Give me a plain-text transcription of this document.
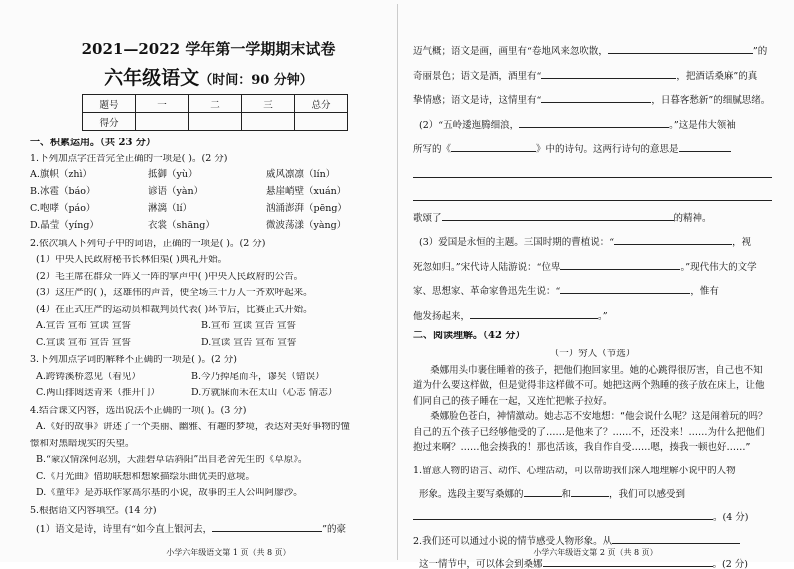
2021—2022 学年第一学期期末试卷
六年级语文（时间：90 分钟）
题号	一	二	三	总分
得分				
一、积累运用。（共 23 分）
1.下列加点字注音完全正确的一项是( )。(2 分)
A.旗帜（zhì）	抵御（yù）	威风凛凛（lín）
B.冰雹（báo）	谚语（yàn）	悬崖峭壁（xuán）
C.咆哮（páo）	淋漓（lí）	汹涌澎湃（pēng）
D.晶莹（yíng）	衣裳（shāng）	微波荡漾（yàng）
2.依次填入下列句子中的词语，正确的一项是( )。(2 分)
(1）中央人民政府秘书长林伯渠( )典礼开始。
(2）毛主席在群众一阵又一阵的掌声中( )中央人民政府的公告。
(3）这庄严的( )，这雄伟的声音，使全场三十万人一齐欢呼起来。
(4）在正式庄严的运动员和裁判员代表( )环节后，比赛正式开始。
A.宣告 宣布 宣读 宣誓	B.宣布 宣读 宣告 宣誓
C.宣读 宣布 宣告 宣誓	D.宣读 宣告 宣布 宣誓
3.下列加点字词的解释不正确的一项是( )。(2 分)
A.跨铸溪桥忽见（看见）	B.今乃掉尾而斗，谬矣（错误）
C.两山排闼送青来（推开门）	D.方就寐而禾在太山（心志 情志）
4.结合课文内容，选出说法不正确的一项( )。(3 分)
A.《好的故事》讲述了一个美丽、幽雅、有趣的梦境，表达对美好事物的憧
憬和对黑暗现实的失望。
B.“蒙汉情深何忍别，天涯碧草话斜阳”出自老舍先生的《草原》。
C.《月光曲》借助联想和想象描绘乐曲优美的意境。
D.《童年》是苏联作家高尔基的小说，故事的主人公叫阿廖沙。
5.根据语文内容填空。(14 分)
(1）语文是诗，诗里有“如今直上银河去，	”的豪
小学六年级语文第 1 页（共 8 页）
迈气概；语文是画，画里有“卷地风来忽吹散，	”的
奇丽景色；语文是酒，酒里有“	，把酒话桑麻”的真
挚情感；语文是诗，这情里有“	，日暮客愁新”的细腻思绪。
(2）“五岭逶迤腾细浪，	。”这是伟大领袖
所写的《	》中的诗句。这两行诗句的意思是
歌颂了	的精神。
(3）爱国是永恒的主题。三国时期的曹植说：“	，视
死忽如归。”宋代诗人陆游说：“位卑	。”现代伟大的文学
家、思想家、革命家鲁迅先生说：“	，惟有
他发扬起来，	。”
二、阅读理解。（42 分）
（一）穷人（节选）

桑娜用头巾裹住睡着的孩子，把他们抱回家里。她的心跳得很厉害，自己也不知道为什么要这样做，但是觉得非这样做不可。她把这两个熟睡的孩子放在床上，让他们同自己的孩子睡在一起，又连忙把帐子拉好。

桑娜脸色苍白，神情激动。她忐忑不安地想：“他会说什么呢？这是闹着玩的吗？自己的五个孩子已经够他受的了……是他来了？……不，还没来！……为什么把他们抱过来啊？……他会揍我的！那也活该，我自作自受……嗯，揍我一顿也好……”

1.留意人物的语言、动作、心理活动，可以帮助我们深入地理解小说中的人物
形象。选段主要写桑娜的	和	，我们可以感受到
。(4 分)
2.我们还可以通过小说的情节感受人物形象。从
这一情节中，可以体会到桑娜	。(2 分)
小学六年级语文第 2 页（共 8 页）
